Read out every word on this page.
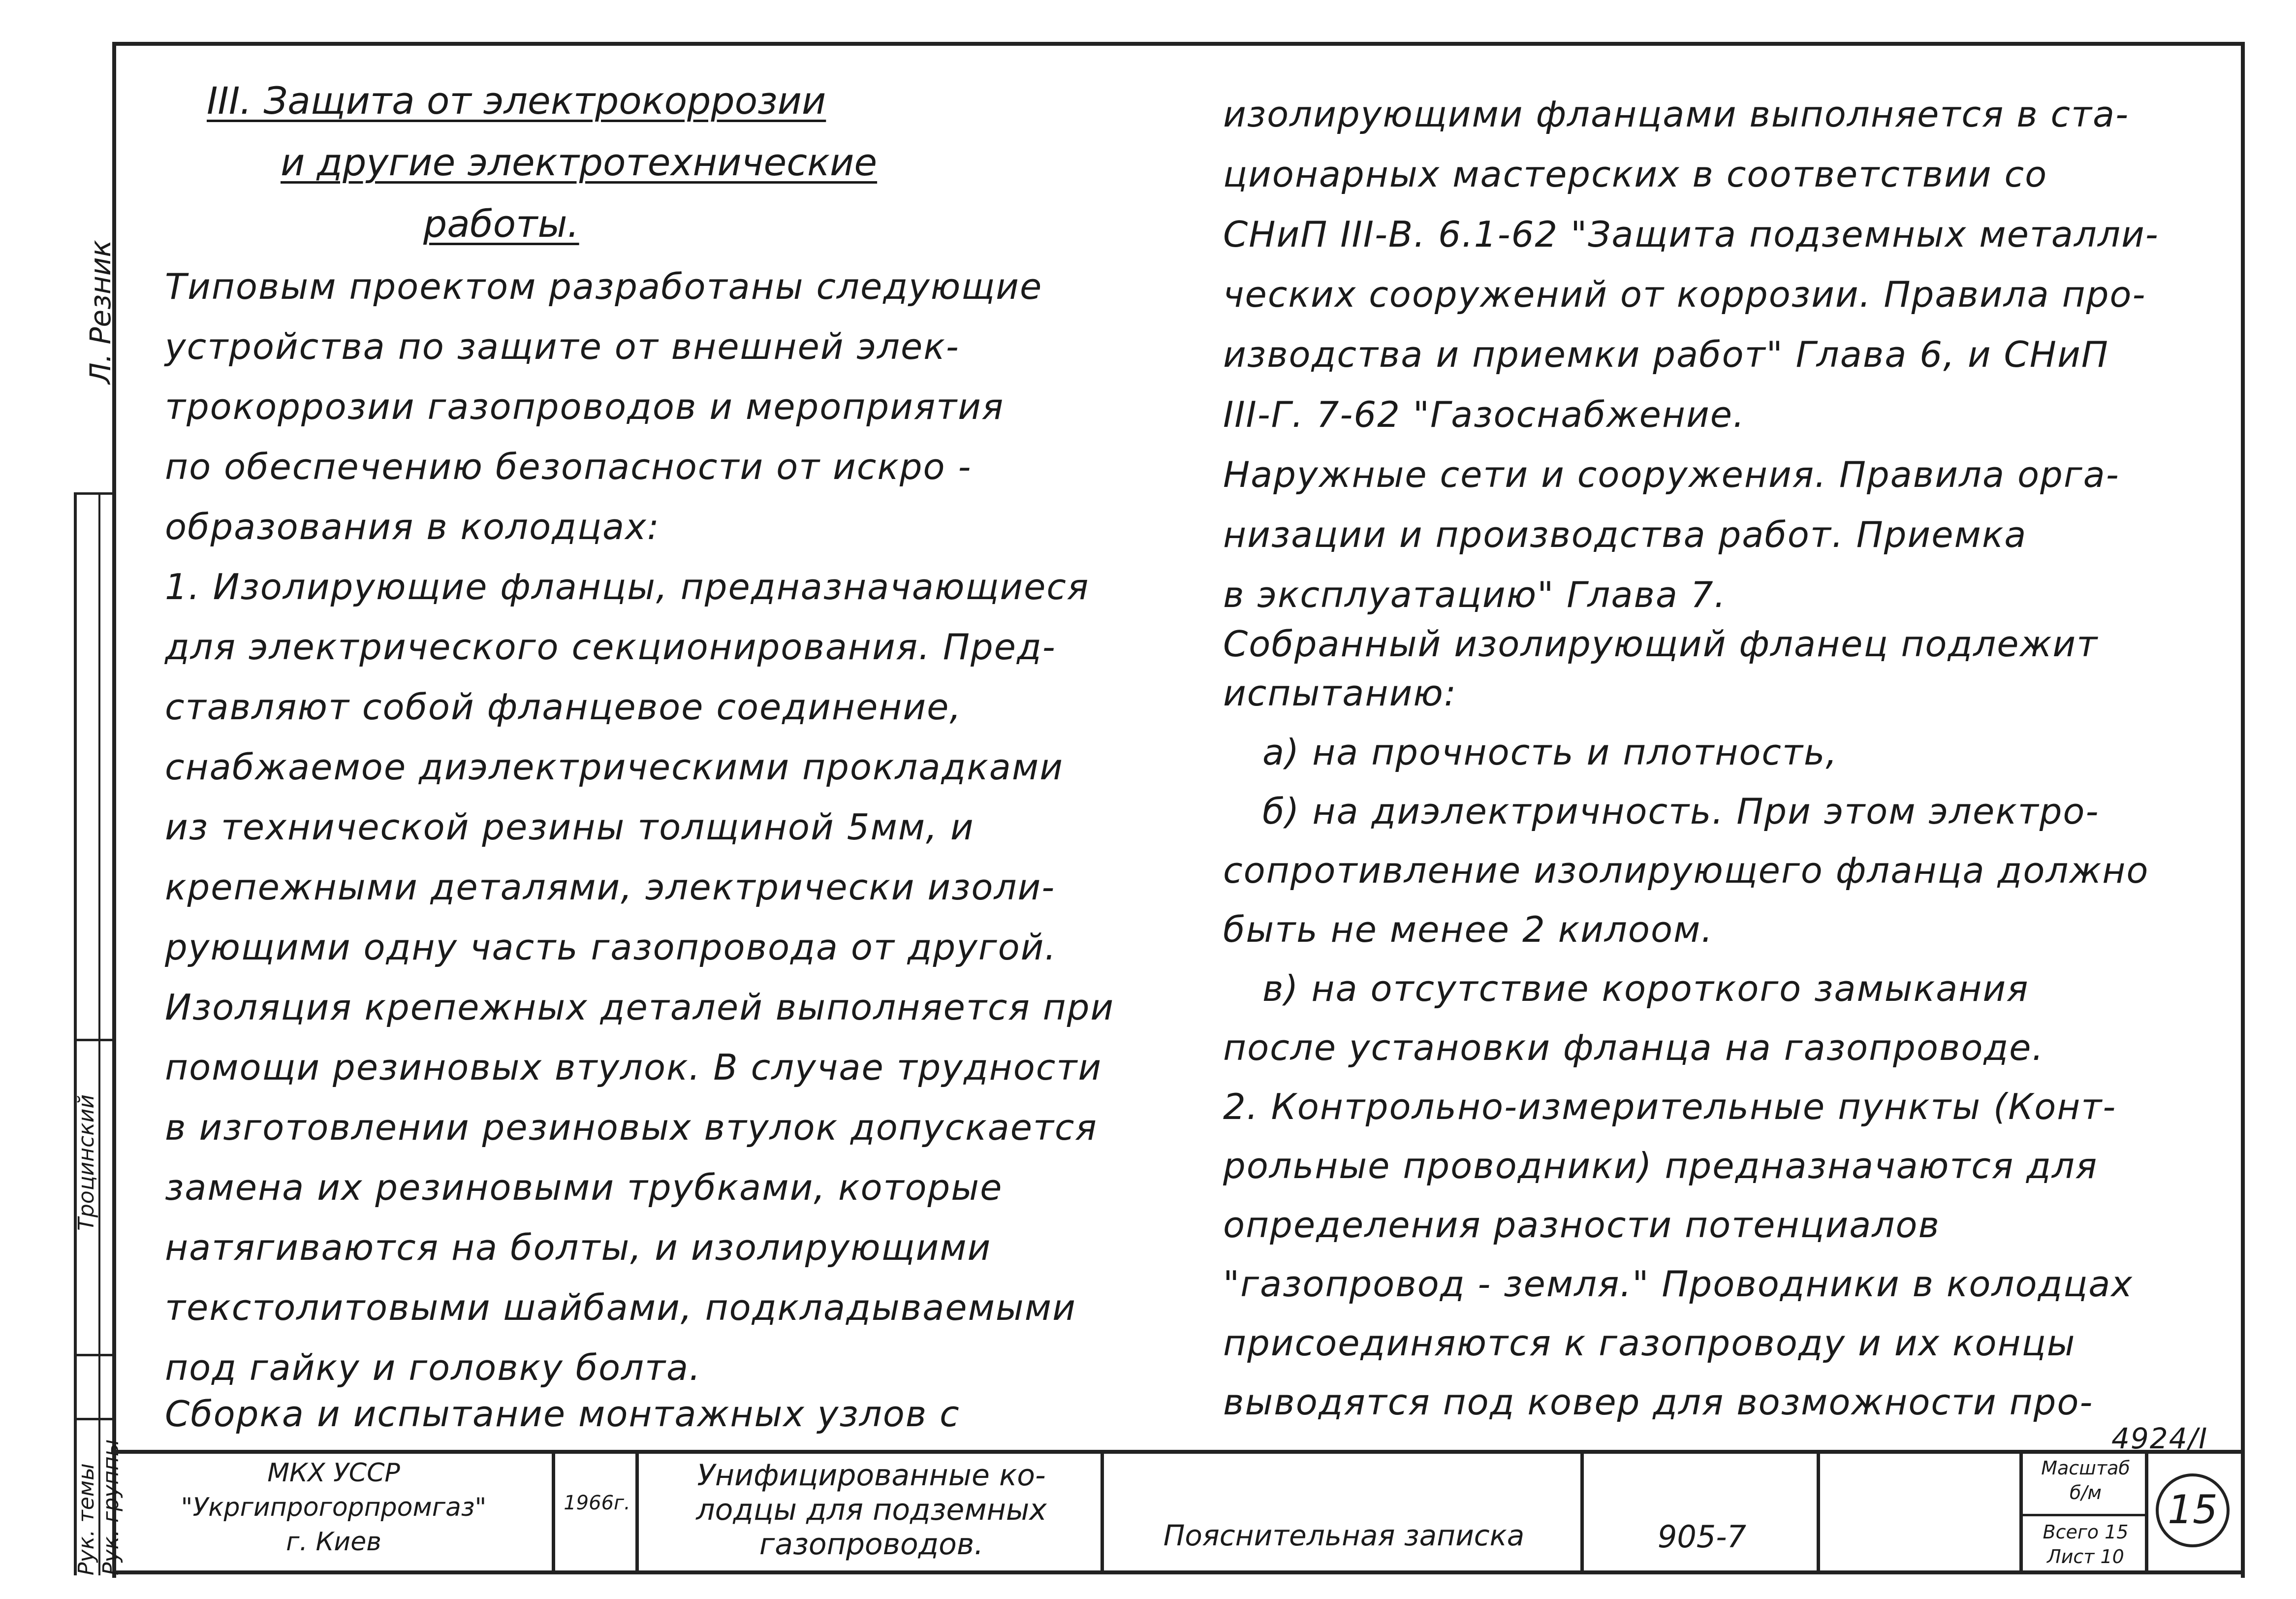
Л. Резник
Троцинский
Рук. темы Рук. группы
III. Защита от электрокоррозии
и другие электротехнические
работы.
Типовым проектом разработаны следующие
устройства по защите от внешней элек-
трокоррозии газопроводов и мероприятия
по обеспечению безопасности от искро -
образования в колодцах:
1. Изолирующие фланцы, предназначающиеся
для электрического секционирования. Пред-
ставляют собой фланцевое соединение,
снабжаемое диэлектрическими прокладками
из технической резины толщиной 5мм, и
крепежными деталями, электрически изоли-
рующими одну часть газопровода от другой.
Изоляция крепежных деталей выполняется при
помощи резиновых втулок. В случае трудности
в изготовлении резиновых втулок допускается
замена их резиновыми трубками, которые
натягиваются на болты, и изолирующими
текстолитовыми шайбами, подкладываемыми
под гайку и головку болта.
Сборка и испытание монтажных узлов с
изолирующими фланцами выполняется в ста-
ционарных мастерских в соответствии со
СНиП III-В. 6.1-62 "Защита подземных металли-
ческих сооружений от коррозии. Правила про-
изводства и приемки работ" Глава 6, и СНиП
III-Г. 7-62 "Газоснабжение.
Наружные сети и сооружения. Правила орга-
низации и производства работ. Приемка
в эксплуатацию" Глава 7.
Собранный изолирующий фланец подлежит
испытанию:
а) на прочность и плотность,
б) на диэлектричность. При этом электро-
сопротивление изолирующего фланца должно
быть не менее 2 килоом.
в) на отсутствие короткого замыкания
после установки фланца на газопроводе.
2. Контрольно-измерительные пункты (Конт-
рольные проводники) предназначаются для
определения разности потенциалов
"газопровод - земля." Проводники в колодцах
присоединяются к газопроводу и их концы
выводятся под ковер для возможности про-
4924/I
МКХ УССР
"Укргипрогорпромгаз"
г. Киев
1966г.
Унифицированные ко-
лодцы для подземных
газопроводов.	Пояснительная записка	905-7
Масштаб
б/м
Всего 15
Лист 10
15
